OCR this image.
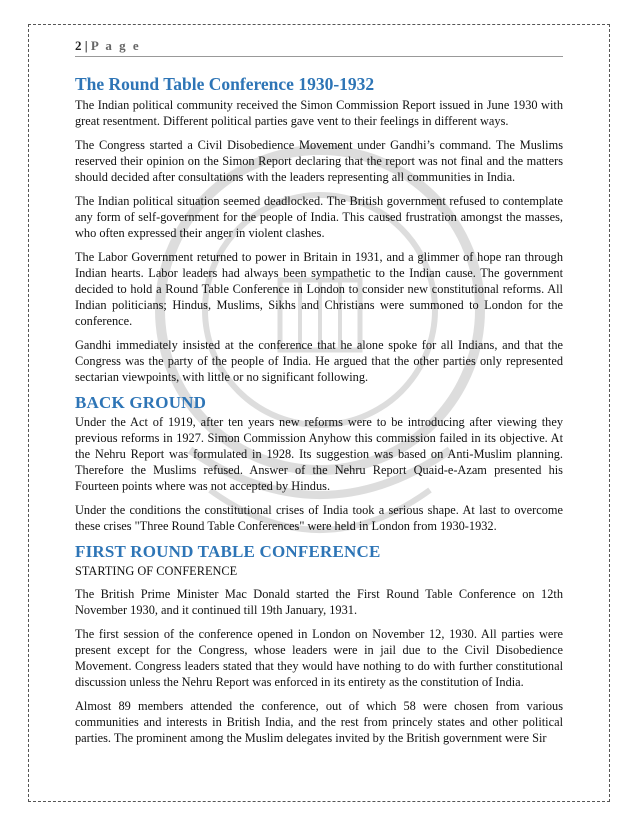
2 | P a g e
The Round Table Conference 1930-1932

The Indian political community received the Simon Commission Report issued in June 1930 with great resentment. Different political parties gave vent to their feelings in different ways.

The Congress started a Civil Disobedience Movement under Gandhi’s command. The Muslims reserved their opinion on the Simon Report declaring that the report was not final and the matters should decided after consultations with the leaders representing all communities in India.

The Indian political situation seemed deadlocked. The British government refused to contemplate any form of self-government for the people of India. This caused frustration amongst the masses, who often expressed their anger in violent clashes.

The Labor Government returned to power in Britain in 1931, and a glimmer of hope ran through Indian hearts. Labor leaders had always been sympathetic to the Indian cause. The government decided to hold a Round Table Conference in London to consider new constitutional reforms. All Indian politicians; Hindus, Muslims, Sikhs and Christians were summoned to London for the conference.

Gandhi immediately insisted at the conference that he alone spoke for all Indians, and that the Congress was the party of the people of India. He argued that the other parties only represented sectarian viewpoints, with little or no significant following.

BACK GROUND

Under the Act of 1919, after ten years new reforms were to be introducing after viewing they previous reforms in 1927. Simon Commission Anyhow this commission failed in its objective. At the Nehru Report was formulated in 1928. Its suggestion was based on Anti-Muslim planning. Therefore the Muslims refused. Answer of the Nehru Report Quaid-e-Azam presented his Fourteen points where was not accepted by Hindus.

Under the conditions the constitutional crises of India took a serious shape. At last to overcome these crises "Three Round Table Conferences" were held in London from 1930-1932.

FIRST ROUND TABLE CONFERENCE

STARTING OF CONFERENCE

The British Prime Minister Mac Donald started the First Round Table Conference on 12th November 1930, and it continued till 19th January, 1931.

The first session of the conference opened in London on November 12, 1930. All parties were present except for the Congress, whose leaders were in jail due to the Civil Disobedience Movement. Congress leaders stated that they would have nothing to do with further constitutional discussion unless the Nehru Report was enforced in its entirety as the constitution of India.

Almost 89 members attended the conference, out of which 58 were chosen from various communities and interests in British India, and the rest from princely states and other political parties. The prominent among the Muslim delegates invited by the British government were Sir
